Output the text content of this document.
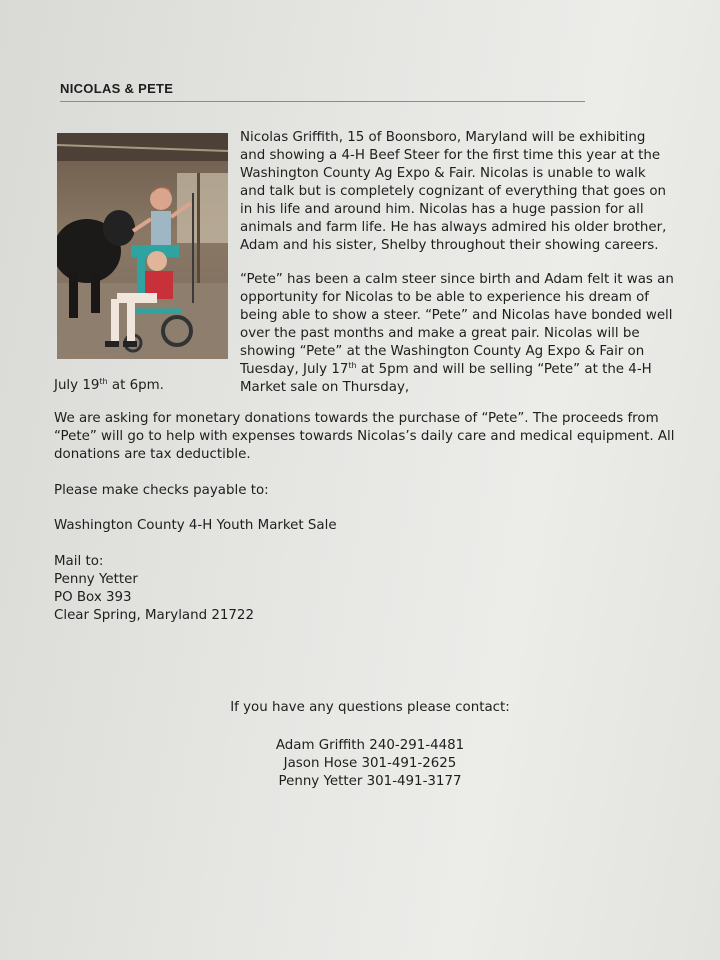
NICOLAS & PETE

Nicolas Griffith, 15 of Boonsboro, Maryland will be exhibiting and showing a 4-H Beef Steer for the first time this year at the Washington County Ag Expo & Fair. Nicolas is unable to walk and talk but is completely cognizant of everything that goes on in his life and around him. Nicolas has a huge passion for all animals and farm life. He has always admired his older brother, Adam and his sister, Shelby throughout their showing careers.

“Pete” has been a calm steer since birth and Adam felt it was an opportunity for Nicolas to be able to experience his dream of being able to show a steer. “Pete” and Nicolas have bonded well over the past months and make a great pair. Nicolas will be showing “Pete” at the Washington County Ag Expo & Fair on Tuesday, July 17th at 5pm and will be selling “Pete” at the 4-H Market sale on Thursday,

July 19th at 6pm.

We are asking for monetary donations towards the purchase of “Pete”. The proceeds from “Pete” will go to help with expenses towards Nicolas’s daily care and medical equipment. All donations are tax deductible.

Please make checks payable to:

Washington County 4-H Youth Market Sale

Mail to:
Penny Yetter
PO Box 393
Clear Spring, Maryland 21722

If you have any questions please contact:

Adam Griffith 240-291-4481
Jason Hose 301-491-2625
Penny Yetter 301-491-3177
